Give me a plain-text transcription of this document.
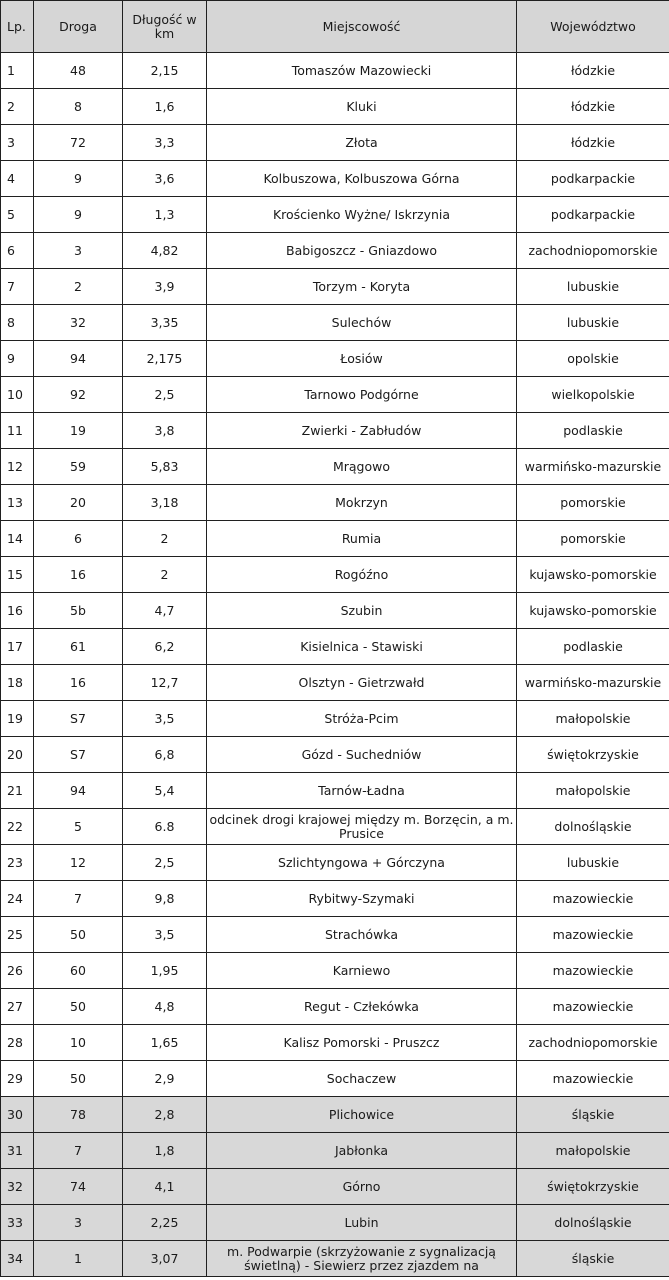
Lp.	Droga	Długość w km	Miejscowość	Województwo
1	48	2,15	Tomaszów Mazowiecki	łódzkie
2	8	1,6	Kluki	łódzkie
3	72	3,3	Złota	łódzkie
4	9	3,6	Kolbuszowa, Kolbuszowa Górna	podkarpackie
5	9	1,3	Krościenko Wyżne/ Iskrzynia	podkarpackie
6	3	4,82	Babigoszcz - Gniazdowo	zachodniopomorskie
7	2	3,9	Torzym - Koryta	lubuskie
8	32	3,35	Sulechów	lubuskie
9	94	2,175	Łosiów	opolskie
10	92	2,5	Tarnowo Podgórne	wielkopolskie
11	19	3,8	Zwierki - Zabłudów	podlaskie
12	59	5,83	Mrągowo	warmińsko-mazurskie
13	20	3,18	Mokrzyn	pomorskie
14	6	2	Rumia	pomorskie
15	16	2	Rogóźno	kujawsko-pomorskie
16	5b	4,7	Szubin	kujawsko-pomorskie
17	61	6,2	Kisielnica - Stawiski	podlaskie
18	16	12,7	Olsztyn - Gietrzwałd	warmińsko-mazurskie
19	S7	3,5	Stróża-Pcim	małopolskie
20	S7	6,8	Gózd - Suchedniów	świętokrzyskie
21	94	5,4	Tarnów-Ładna	małopolskie
22	5	6.8	odcinek drogi krajowej między m. Borzęcin, a m. Prusice	dolnośląskie
23	12	2,5	Szlichtyngowa + Górczyna	lubuskie
24	7	9,8	Rybitwy-Szymaki	mazowieckie
25	50	3,5	Strachówka	mazowieckie
26	60	1,95	Karniewo	mazowieckie
27	50	4,8	Regut - Człekówka	mazowieckie
28	10	1,65	Kalisz Pomorski - Pruszcz	zachodniopomorskie
29	50	2,9	Sochaczew	mazowieckie
30	78	2,8	Plichowice	śląskie
31	7	1,8	Jabłonka	małopolskie
32	74	4,1	Górno	świętokrzyskie
33	3	2,25	Lubin	dolnośląskie
34	1	3,07	m. Podwarpie (skrzyżowanie z sygnalizacją świetlną) - Siewierz przez zjazdem na	śląskie
